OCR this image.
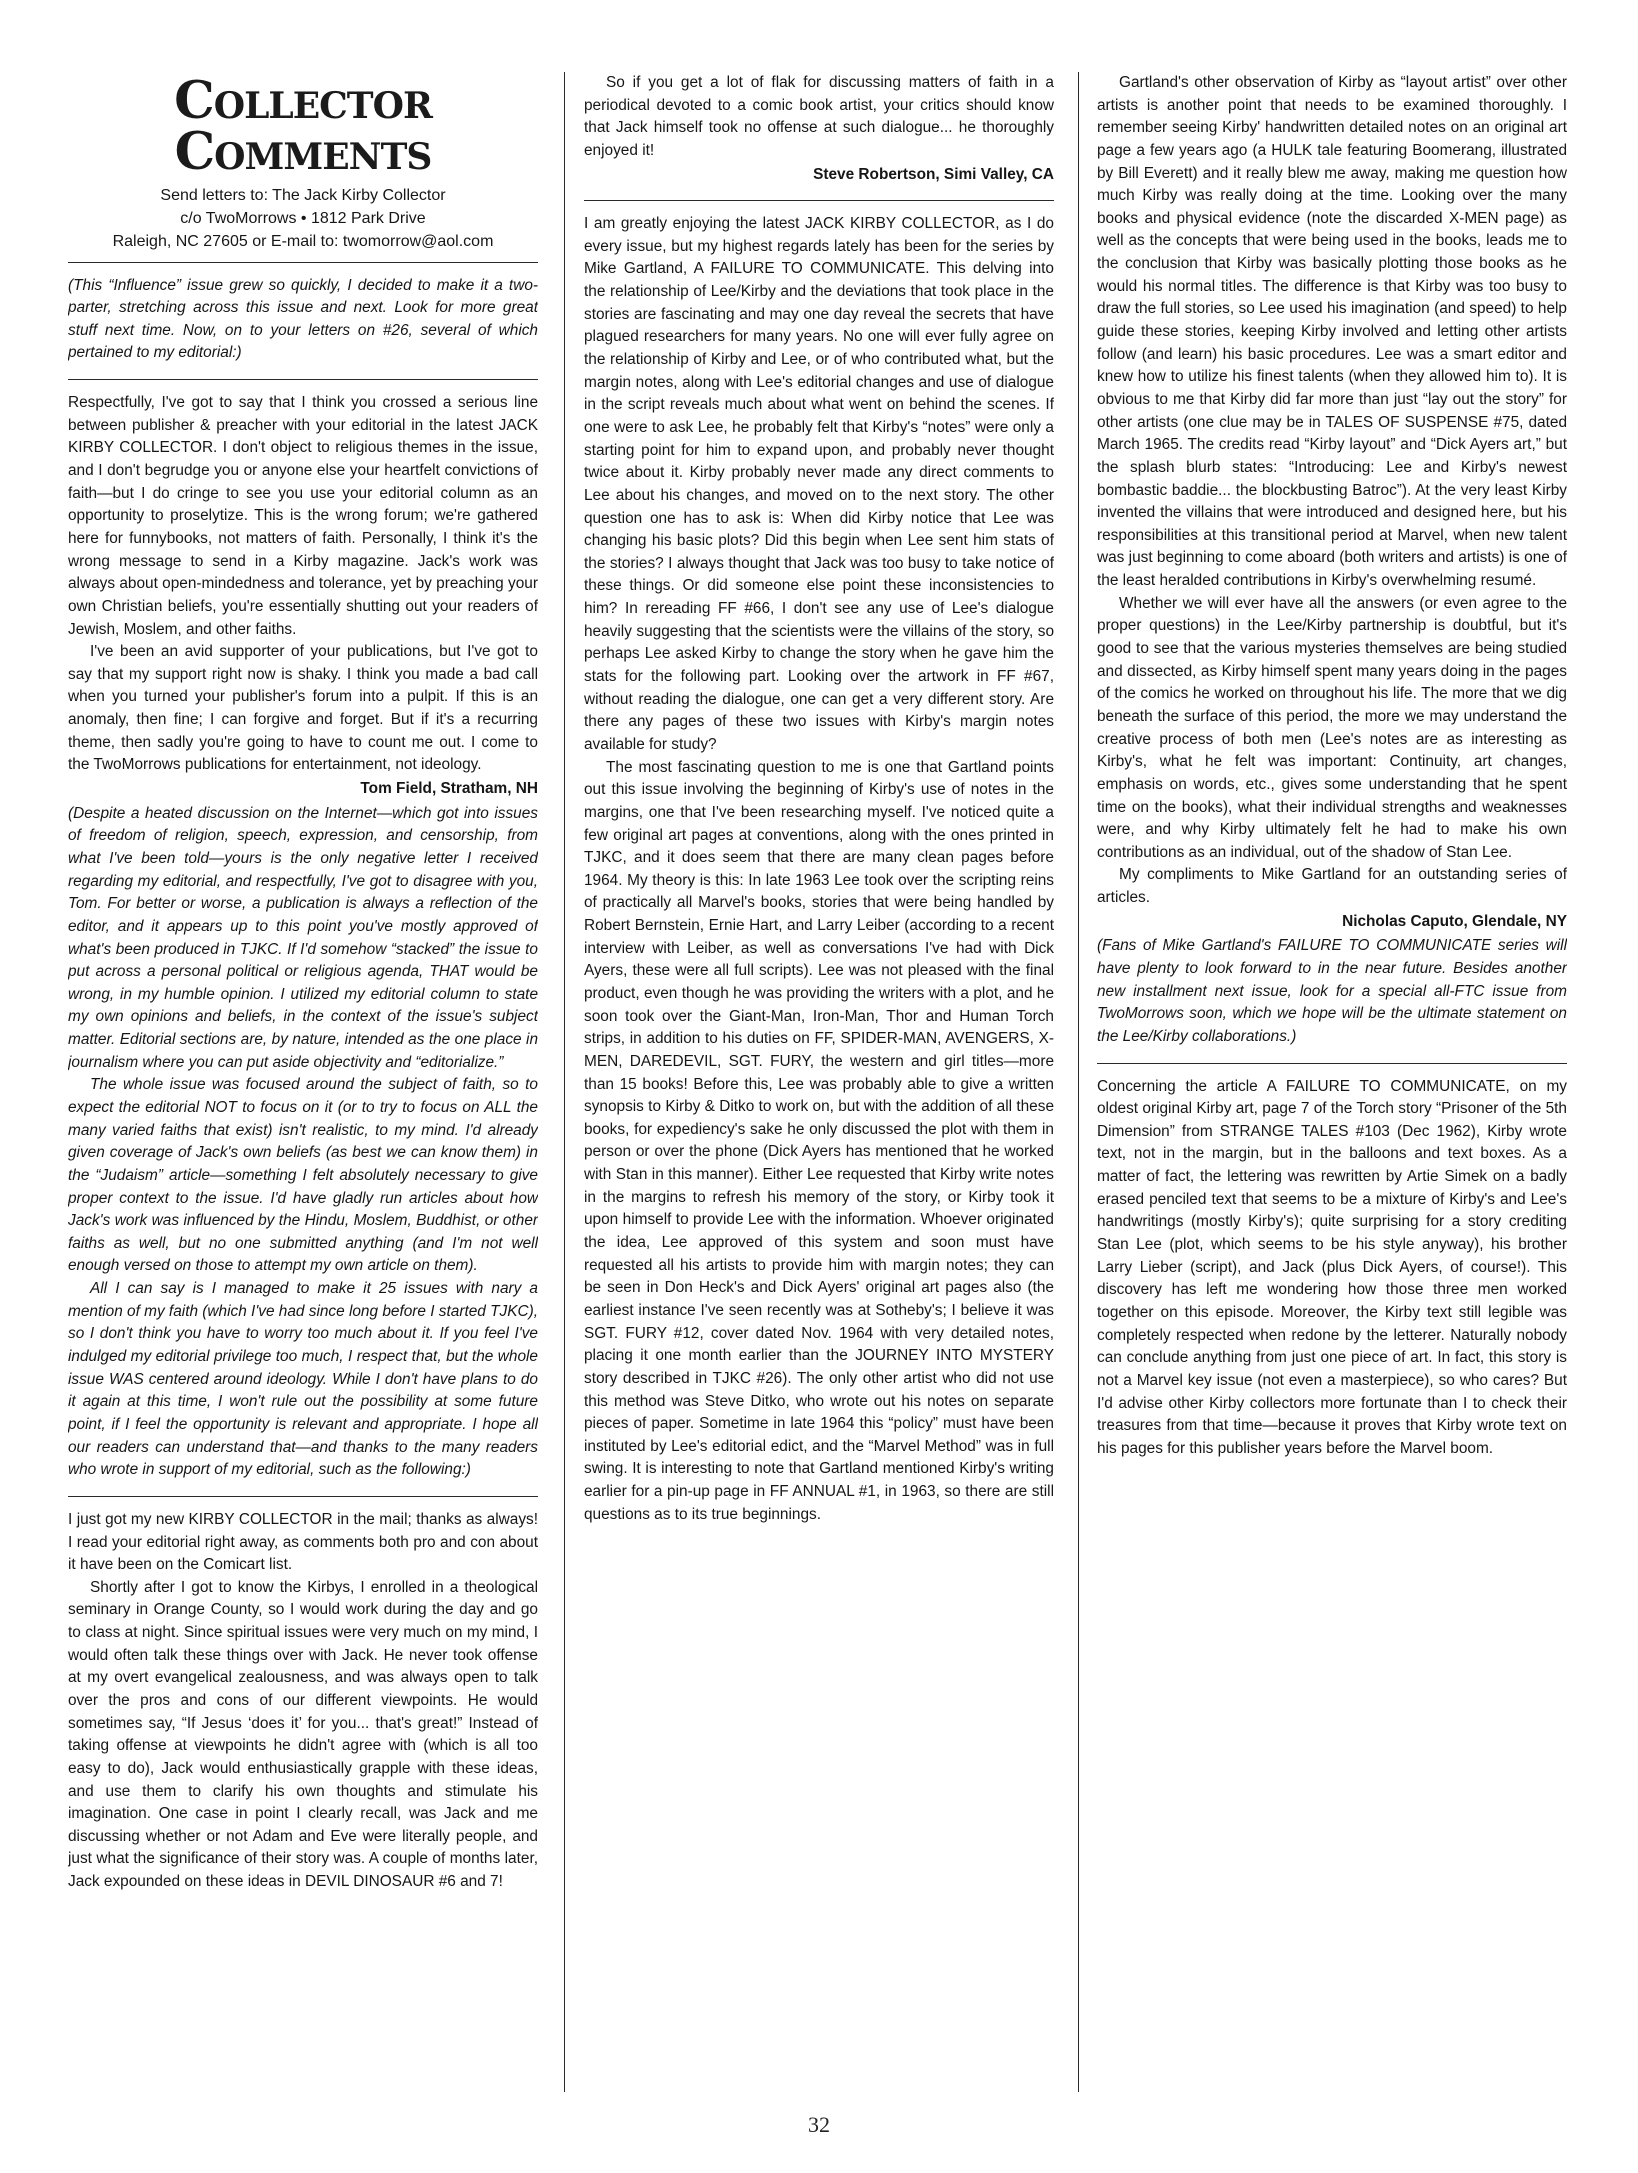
Collector Comments
Send letters to: The Jack Kirby Collector
c/o TwoMorrows • 1812 Park Drive
Raleigh, NC 27605 or E-mail to: twomorrow@aol.com

(This “Influence” issue grew so quickly, I decided to make it a two-parter, stretching across this issue and next. Look for more great stuff next time. Now, on to your letters on #26, several of which pertained to my editorial:)

Respectfully, I've got to say that I think you crossed a serious line between publisher & preacher with your editorial in the latest JACK KIRBY COLLECTOR. I don't object to religious themes in the issue, and I don't begrudge you or anyone else your heartfelt convictions of faith—but I do cringe to see you use your editorial column as an opportunity to proselytize. This is the wrong forum; we're gathered here for funnybooks, not matters of faith. Personally, I think it's the wrong message to send in a Kirby magazine. Jack's work was always about open-mindedness and tolerance, yet by preaching your own Christian beliefs, you're essentially shutting out your readers of Jewish, Moslem, and other faiths.

I've been an avid supporter of your publications, but I've got to say that my support right now is shaky. I think you made a bad call when you turned your publisher's forum into a pulpit. If this is an anomaly, then fine; I can forgive and forget. But if it's a recurring theme, then sadly you're going to have to count me out. I come to the TwoMorrows publications for entertainment, not ideology.

Tom Field, Stratham, NH

(Despite a heated discussion on the Internet—which got into issues of freedom of religion, speech, expression, and censorship, from what I've been told—yours is the only negative letter I received regarding my editorial, and respectfully, I've got to disagree with you, Tom. For better or worse, a publication is always a reflection of the editor, and it appears up to this point you've mostly approved of what's been produced in TJKC. If I'd somehow “stacked” the issue to put across a personal political or religious agenda, THAT would be wrong, in my humble opinion. I utilized my editorial column to state my own opinions and beliefs, in the context of the issue's subject matter. Editorial sections are, by nature, intended as the one place in journalism where you can put aside objectivity and “editorialize.”

The whole issue was focused around the subject of faith, so to expect the editorial NOT to focus on it (or to try to focus on ALL the many varied faiths that exist) isn't realistic, to my mind. I'd already given coverage of Jack's own beliefs (as best we can know them) in the “Judaism” article—something I felt absolutely necessary to give proper context to the issue. I'd have gladly run articles about how Jack's work was influenced by the Hindu, Moslem, Buddhist, or other faiths as well, but no one submitted anything (and I'm not well enough versed on those to attempt my own article on them).

All I can say is I managed to make it 25 issues with nary a mention of my faith (which I've had since long before I started TJKC), so I don't think you have to worry too much about it. If you feel I've indulged my editorial privilege too much, I respect that, but the whole issue WAS centered around ideology. While I don't have plans to do it again at this time, I won't rule out the possibility at some future point, if I feel the opportunity is relevant and appropriate. I hope all our readers can understand that—and thanks to the many readers who wrote in support of my editorial, such as the following:)

I just got my new KIRBY COLLECTOR in the mail; thanks as always! I read your editorial right away, as comments both pro and con about it have been on the Comicart list.

Shortly after I got to know the Kirbys, I enrolled in a theological seminary in Orange County, so I would work during the day and go to class at night. Since spiritual issues were very much on my mind, I would often talk these things over with Jack. He never took offense at my overt evangelical zealousness, and was always open to talk over the pros and cons of our different viewpoints. He would sometimes say, “If Jesus ‘does it’ for you... that's great!” Instead of taking offense at viewpoints he didn't agree with (which is all too easy to do), Jack would enthusiastically grapple with these ideas, and use them to clarify his own thoughts and stimulate his imagination. One case in point I clearly recall, was Jack and me discussing whether or not Adam and Eve were literally people, and just what the significance of their story was. A couple of months later, Jack expounded on these ideas in DEVIL DINOSAUR #6 and 7!

So if you get a lot of flak for discussing matters of faith in a periodical devoted to a comic book artist, your critics should know that Jack himself took no offense at such dialogue... he thoroughly enjoyed it!

Steve Robertson, Simi Valley, CA

I am greatly enjoying the latest JACK KIRBY COLLECTOR, as I do every issue, but my highest regards lately has been for the series by Mike Gartland, A FAILURE TO COMMUNICATE. This delving into the relationship of Lee/Kirby and the deviations that took place in the stories are fascinating and may one day reveal the secrets that have plagued researchers for many years. No one will ever fully agree on the relationship of Kirby and Lee, or of who contributed what, but the margin notes, along with Lee's editorial changes and use of dialogue in the script reveals much about what went on behind the scenes. If one were to ask Lee, he probably felt that Kirby's “notes” were only a starting point for him to expand upon, and probably never thought twice about it. Kirby probably never made any direct comments to Lee about his changes, and moved on to the next story. The other question one has to ask is: When did Kirby notice that Lee was changing his basic plots? Did this begin when Lee sent him stats of the stories? I always thought that Jack was too busy to take notice of these things. Or did someone else point these inconsistencies to him? In rereading FF #66, I don't see any use of Lee's dialogue heavily suggesting that the scientists were the villains of the story, so perhaps Lee asked Kirby to change the story when he gave him the stats for the following part. Looking over the artwork in FF #67, without reading the dialogue, one can get a very different story. Are there any pages of these two issues with Kirby's margin notes available for study?

The most fascinating question to me is one that Gartland points out this issue involving the beginning of Kirby's use of notes in the margins, one that I've been researching myself. I've noticed quite a few original art pages at conventions, along with the ones printed in TJKC, and it does seem that there are many clean pages before 1964. My theory is this: In late 1963 Lee took over the scripting reins of practically all Marvel's books, stories that were being handled by Robert Bernstein, Ernie Hart, and Larry Leiber (according to a recent interview with Leiber, as well as conversations I've had with Dick Ayers, these were all full scripts). Lee was not pleased with the final product, even though he was providing the writers with a plot, and he soon took over the Giant-Man, Iron-Man, Thor and Human Torch strips, in addition to his duties on FF, SPIDER-MAN, AVENGERS, X-MEN, DAREDEVIL, SGT. FURY, the western and girl titles—more than 15 books! Before this, Lee was probably able to give a written synopsis to Kirby & Ditko to work on, but with the addition of all these books, for expediency's sake he only discussed the plot with them in person or over the phone (Dick Ayers has mentioned that he worked with Stan in this manner). Either Lee requested that Kirby write notes in the margins to refresh his memory of the story, or Kirby took it upon himself to provide Lee with the information. Whoever originated the idea, Lee approved of this system and soon must have requested all his artists to provide him with margin notes; they can be seen in Don Heck's and Dick Ayers' original art pages also (the earliest instance I've seen recently was at Sotheby's; I believe it was SGT. FURY #12, cover dated Nov. 1964 with very detailed notes, placing it one month earlier than the JOURNEY INTO MYSTERY story described in TJKC #26). The only other artist who did not use this method was Steve Ditko, who wrote out his notes on separate pieces of paper. Sometime in late 1964 this “policy” must have been instituted by Lee's editorial edict, and the “Marvel Method” was in full swing. It is interesting to note that Gartland mentioned Kirby's writing earlier for a pin-up page in FF ANNUAL #1, in 1963, so there are still questions as to its true beginnings.

Gartland's other observation of Kirby as “layout artist” over other artists is another point that needs to be examined thoroughly. I remember seeing Kirby' handwritten detailed notes on an original art page a few years ago (a HULK tale featuring Boomerang, illustrated by Bill Everett) and it really blew me away, making me question how much Kirby was really doing at the time. Looking over the many books and physical evidence (note the discarded X-MEN page) as well as the concepts that were being used in the books, leads me to the conclusion that Kirby was basically plotting those books as he would his normal titles. The difference is that Kirby was too busy to draw the full stories, so Lee used his imagination (and speed) to help guide these stories, keeping Kirby involved and letting other artists follow (and learn) his basic procedures. Lee was a smart editor and knew how to utilize his finest talents (when they allowed him to). It is obvious to me that Kirby did far more than just “lay out the story” for other artists (one clue may be in TALES OF SUSPENSE #75, dated March 1965. The credits read “Kirby layout” and “Dick Ayers art,” but the splash blurb states: “Introducing: Lee and Kirby's newest bombastic baddie... the blockbusting Batroc”). At the very least Kirby invented the villains that were introduced and designed here, but his responsibilities at this transitional period at Marvel, when new talent was just beginning to come aboard (both writers and artists) is one of the least heralded contributions in Kirby's overwhelming resumé.

Whether we will ever have all the answers (or even agree to the proper questions) in the Lee/Kirby partnership is doubtful, but it's good to see that the various mysteries themselves are being studied and dissected, as Kirby himself spent many years doing in the pages of the comics he worked on throughout his life. The more that we dig beneath the surface of this period, the more we may understand the creative process of both men (Lee's notes are as interesting as Kirby's, what he felt was important: Continuity, art changes, emphasis on words, etc., gives some understanding that he spent time on the books), what their individual strengths and weaknesses were, and why Kirby ultimately felt he had to make his own contributions as an individual, out of the shadow of Stan Lee.

My compliments to Mike Gartland for an outstanding series of articles.

Nicholas Caputo, Glendale, NY

(Fans of Mike Gartland's FAILURE TO COMMUNICATE series will have plenty to look forward to in the near future. Besides another new installment next issue, look for a special all-FTC issue from TwoMorrows soon, which we hope will be the ultimate statement on the Lee/Kirby collaborations.)

Concerning the article A FAILURE TO COMMUNICATE, on my oldest original Kirby art, page 7 of the Torch story “Prisoner of the 5th Dimension” from STRANGE TALES #103 (Dec 1962), Kirby wrote text, not in the margin, but in the balloons and text boxes. As a matter of fact, the lettering was rewritten by Artie Simek on a badly erased penciled text that seems to be a mixture of Kirby's and Lee's handwritings (mostly Kirby's); quite surprising for a story crediting Stan Lee (plot, which seems to be his style anyway), his brother Larry Lieber (script), and Jack (plus Dick Ayers, of course!). This discovery has left me wondering how those three men worked together on this episode. Moreover, the Kirby text still legible was completely respected when redone by the letterer. Naturally nobody can conclude anything from just one piece of art. In fact, this story is not a Marvel key issue (not even a masterpiece), so who cares? But I'd advise other Kirby collectors more fortunate than I to check their treasures from that time—because it proves that Kirby wrote text on his pages for this publisher years before the Marvel boom.

32
